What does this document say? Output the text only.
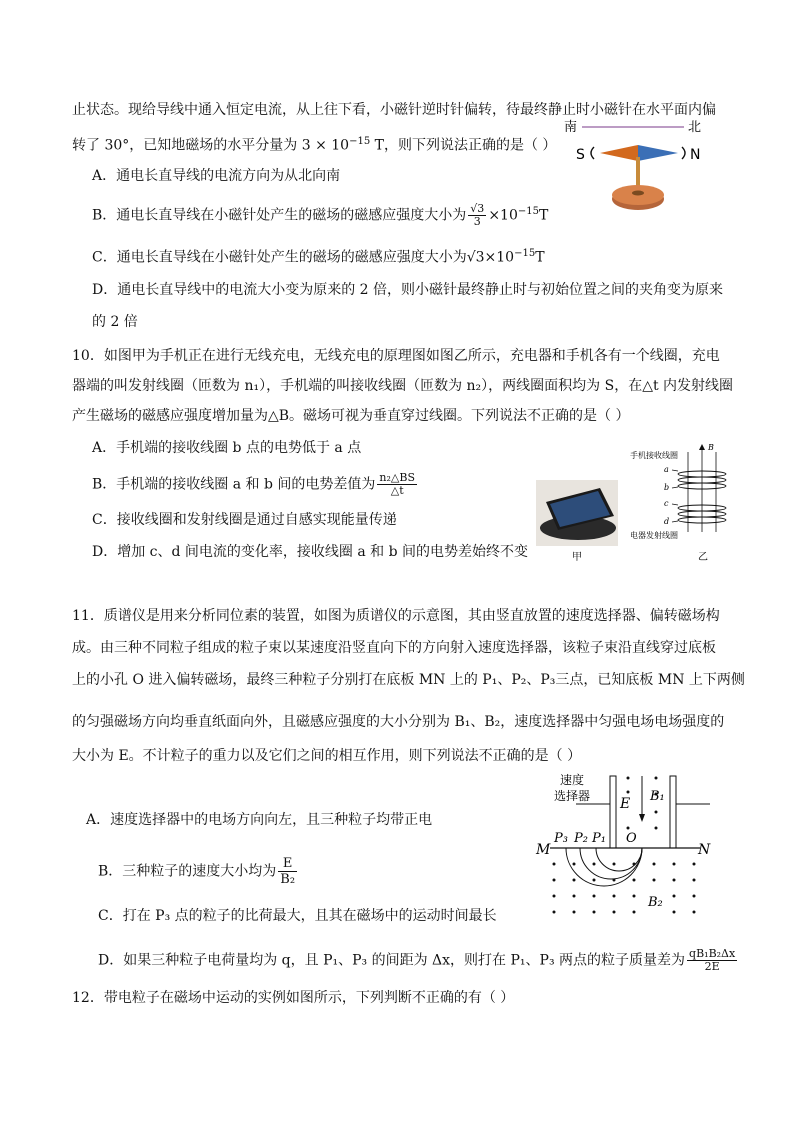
止状态。现给导线中通入恒定电流，从上往下看，小磁针逆时针偏转，待最终静止时小磁针在水平面内偏
转了 30°，已知地磁场的水平分量为 $3 \times 10^{-15}$ T，则下列说法正确的是（ ）
A．通电长直导线的电流方向为从北向南
B．通电长直导线在小磁针处产生的磁场的磁感应强度大小为 $\frac{√3}{3} \times 10^{-15}T$
C．通电长直导线在小磁针处产生的磁场的磁感应强度大小为$√3\times 10^{-15}T$
D．通电长直导线中的电流大小变为原来的 2 倍，则小磁针最终静止时与初始位置之间的夹角变为原来
的 2 倍
南	北
S	N
10．如图甲为手机正在进行无线充电，无线充电的原理图如图乙所示，充电器和手机各有一个线圈，充电
器端的叫发射线圈（匝数为 n₁），手机端的叫接收线圈（匝数为 n₂），两线圈面积均为 S，在△t 内发射线圈
产生磁场的磁感应强度增加量为△B。磁场可视为垂直穿过线圈。下列说法不正确的是（ ）
A．手机端的接收线圈 b 点的电势低于 a 点
B．手机端的接收线圈 a 和 b 间的电势差值为 $\frac{\text{n₂△BS}}{\triangle t}$
C．接收线圈和发射线圈是通过自感实现能量传递
D．增加 c、d 间电流的变化率，接收线圈 a 和 b 间的电势差始终不变	甲
手机接收线圈
B
a
b
c
d
电器发射线圈
乙
11．质谱仪是用来分析同位素的装置，如图为质谱仪的示意图，其由竖直放置的速度选择器、偏转磁场构
成。由三种不同粒子组成的粒子束以某速度沿竖直向下的方向射入速度选择器，该粒子束沿直线穿过底板
上的小孔 O 进入偏转磁场，最终三种粒子分别打在底板 MN 上的 P₁、P₂、P₃三点，已知底板 MN 上下两侧
的匀强磁场方向均垂直纸面向外，且磁感应强度的大小分别为 B₁、B₂，速度选择器中匀强电场电场强度的
大小为 E。不计粒子的重力以及它们之间的相互作用，则下列说法不正确的是（ ）
A．速度选择器中的电场方向向左，且三种粒子均带正电
B．三种粒子的速度大小均为 $\frac{E}{\text{B₂}}$
C．打在 P₃ 点的粒子的比荷最大，且其在磁场中的运动时间最长
D．如果三种粒子电荷量均为 q，且 P₁、P₃ 的间距为 Δx，则打在 P₁、P₃ 两点的粒子质量差为 $\frac{\text{qB₁B₂Δx}}{2E}$
速度
选择器 E B₁
M	N
P₃ P₂ P₁ O
B₂
12．带电粒子在磁场中运动的实例如图所示，下列判断不正确的有（ ）
